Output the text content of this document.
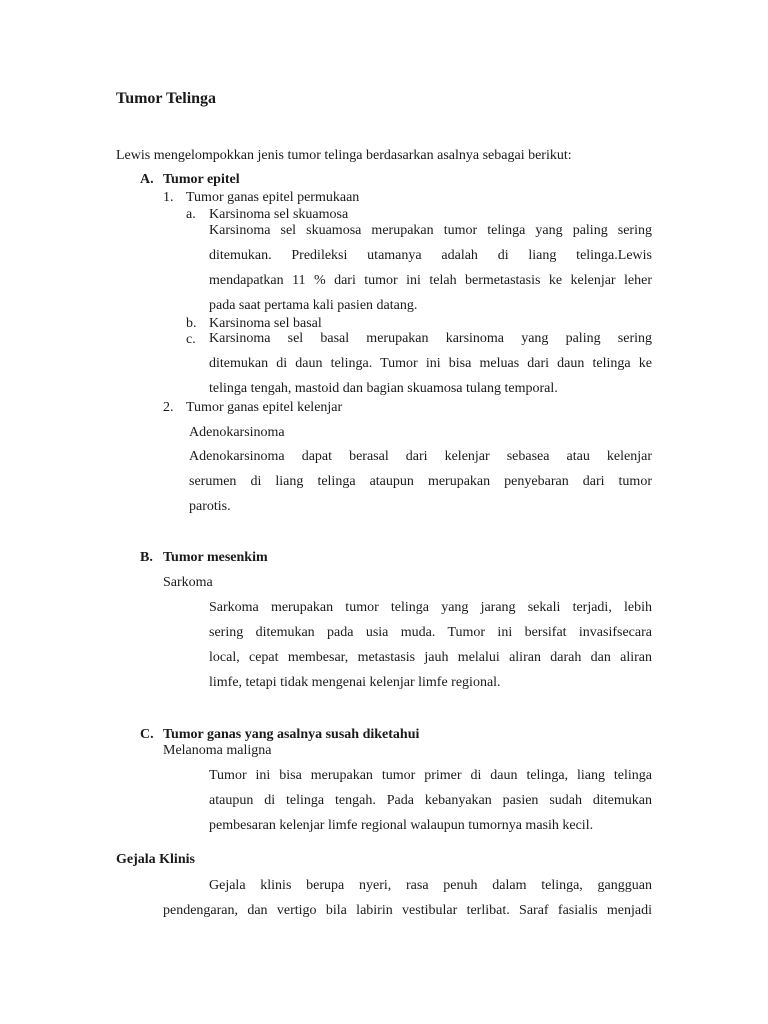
Tumor Telinga
Lewis mengelompokkan jenis tumor telinga berdasarkan asalnya sebagai berikut:
A. Tumor epitel
1. Tumor ganas epitel permukaan
a. Karsinoma sel skuamosa
Karsinoma sel skuamosa merupakan tumor telinga yang paling sering
ditemukan. Predileksi utamanya adalah di liang telinga.Lewis
mendapatkan 11 % dari tumor ini telah bermetastasis ke kelenjar leher
pada saat pertama kali pasien datang.
b. Karsinoma sel basal
c. Karsinoma sel basal merupakan karsinoma yang paling sering
ditemukan di daun telinga. Tumor ini bisa meluas dari daun telinga ke
telinga tengah, mastoid dan bagian skuamosa tulang temporal.
2. Tumor ganas epitel kelenjar
Adenokarsinoma
Adenokarsinoma dapat berasal dari kelenjar sebasea atau kelenjar
serumen di liang telinga ataupun merupakan penyebaran dari tumor
parotis.
B. Tumor mesenkim
Sarkoma
Sarkoma merupakan tumor telinga yang jarang sekali terjadi, lebih
sering ditemukan pada usia muda. Tumor ini bersifat invasifsecara
local, cepat membesar, metastasis jauh melalui aliran darah dan aliran
limfe, tetapi tidak mengenai kelenjar limfe regional.
C. Tumor ganas yang asalnya susah diketahui
Melanoma maligna
Tumor ini bisa merupakan tumor primer di daun telinga, liang telinga
ataupun di telinga tengah. Pada kebanyakan pasien sudah ditemukan
pembesaran kelenjar limfe regional walaupun tumornya masih kecil.
Gejala Klinis
Gejala klinis berupa nyeri, rasa penuh dalam telinga, gangguan
pendengaran, dan vertigo bila labirin vestibular terlibat. Saraf fasialis menjadi
